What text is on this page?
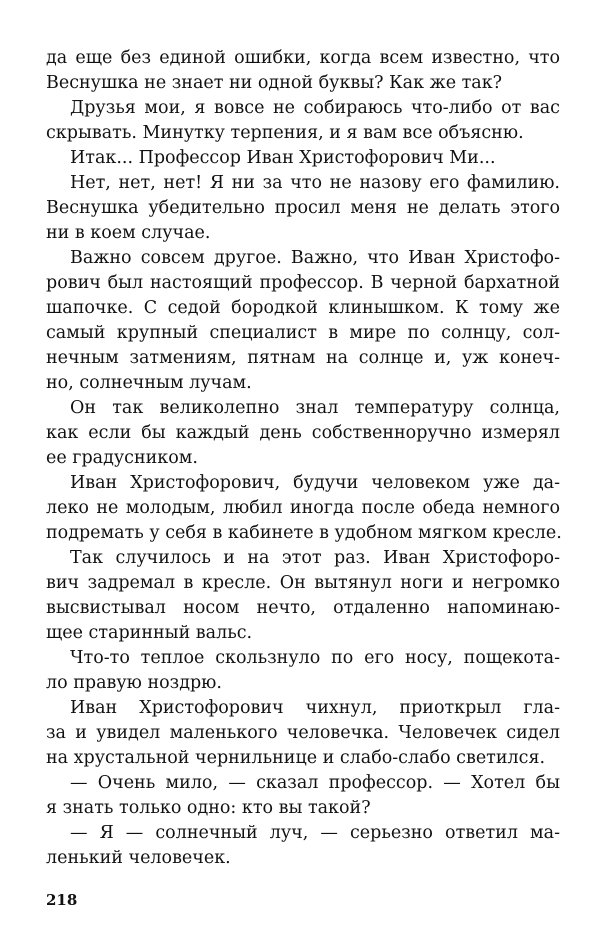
да еще без единой ошибки, когда всем известно, что
Веснушка не знает ни одной буквы? Как же так?
Друзья мои, я вовсе не собираюсь что-либо от вас
скрывать. Минутку терпения, и я вам все объясню.
Итак... Профессор Иван Христофорович Ми...
Нет, нет, нет! Я ни за что не назову его фамилию.
Веснушка убедительно просил меня не делать этого
ни в коем случае.
Важно совсем другое. Важно, что Иван Христофо-
рович был настоящий профессор. В черной бархатной
шапочке. С седой бородкой клинышком. К тому же
самый крупный специалист в мире по солнцу, сол-
нечным затмениям, пятнам на солнце и, уж конеч-
но, солнечным лучам.
Он так великолепно знал температуру солнца,
как если бы каждый день собственноручно измерял
ее градусником.
Иван Христофорович, будучи человеком уже да-
леко не молодым, любил иногда после обеда немного
подремать у себя в кабинете в удобном мягком кресле.
Так случилось и на этот раз. Иван Христофоро-
вич задремал в кресле. Он вытянул ноги и негромко
высвистывал носом нечто, отдаленно напоминаю-
щее старинный вальс.
Что-то теплое скользнуло по его носу, пощекота-
ло правую ноздрю.
Иван Христофорович чихнул, приоткрыл гла-
за и увидел маленького человечка. Человечек сидел
на хрустальной чернильнице и слабо-слабо светился.
— Очень мило, — сказал профессор. — Хотел бы
я знать только одно: кто вы такой?
— Я — солнечный луч, — серьезно ответил ма-
ленький человечек.
218
